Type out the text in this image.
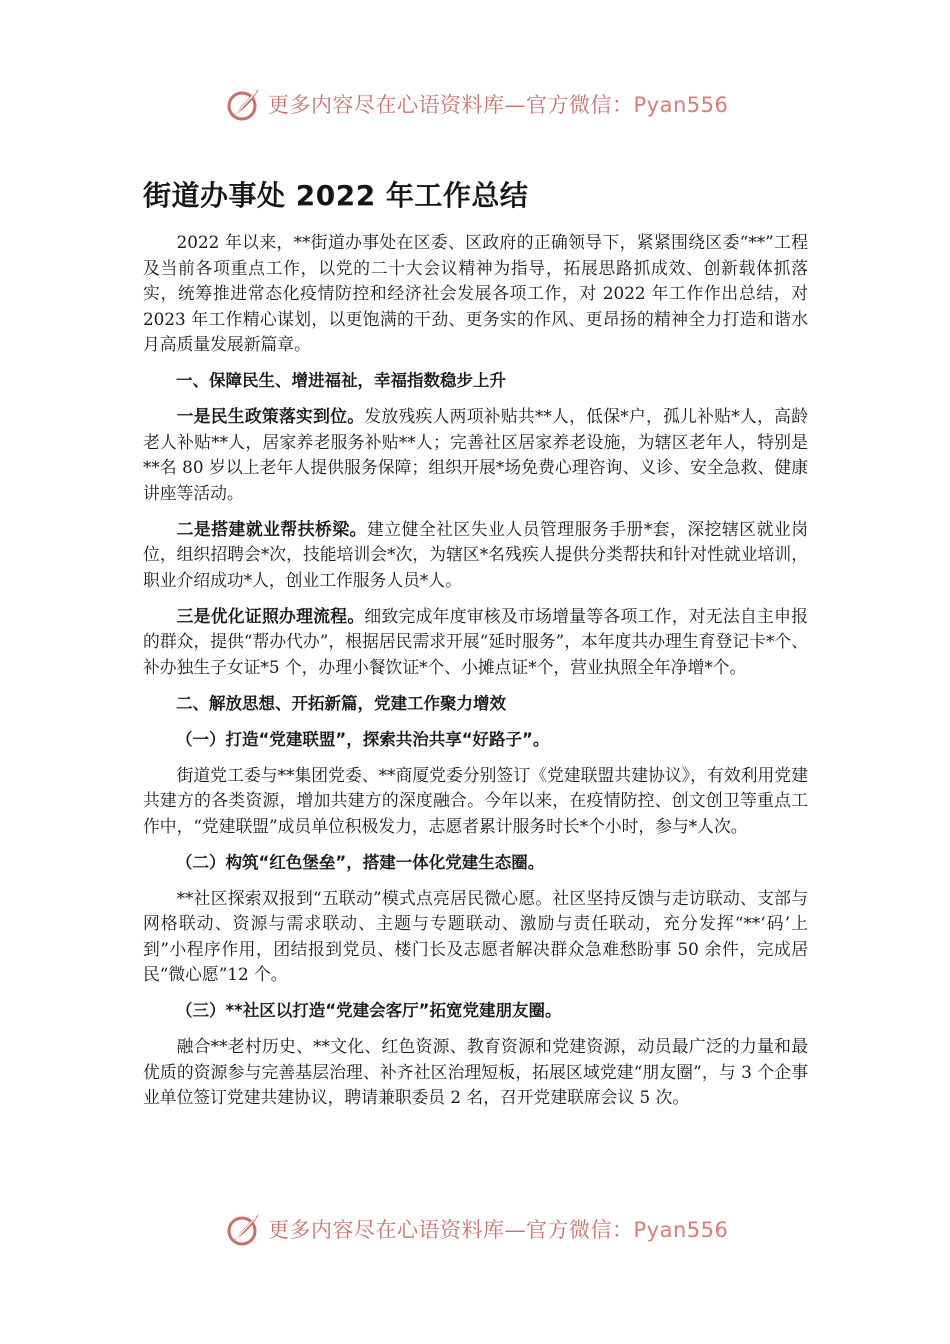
更多内容尽在心语资料库—官方微信：Pyan556
街道办事处 2022 年工作总结

2022 年以来，**街道办事处在区委、区政府的正确领导下，紧紧围绕区委“**”工程及当前各项重点工作，以党的二十大会议精神为指导，拓展思路抓成效、创新载体抓落实，统筹推进常态化疫情防控和经济社会发展各项工作，对 2022 年工作作出总结，对 2023 年工作精心谋划，以更饱满的干劲、更务实的作风、更昂扬的精神全力打造和谐水月高质量发展新篇章。

一、保障民生、增进福祉，幸福指数稳步上升

一是民生政策落实到位。发放残疾人两项补贴共**人，低保*户，孤儿补贴*人，高龄老人补贴**人，居家养老服务补贴**人；完善社区居家养老设施，为辖区老年人，特别是**名 80 岁以上老年人提供服务保障；组织开展*场免费心理咨询、义诊、安全急救、健康讲座等活动。

二是搭建就业帮扶桥梁。建立健全社区失业人员管理服务手册*套，深挖辖区就业岗位，组织招聘会*次，技能培训会*次，为辖区*名残疾人提供分类帮扶和针对性就业培训，职业介绍成功*人，创业工作服务人员*人。

三是优化证照办理流程。细致完成年度审核及市场增量等各项工作，对无法自主申报的群众，提供“帮办代办”，根据居民需求开展“延时服务”，本年度共办理生育登记卡*个、补办独生子女证*5 个，办理小餐饮证*个、小摊点证*个，营业执照全年净增*个。

二、解放思想、开拓新篇，党建工作聚力增效

（一）打造“党建联盟”，探索共治共享“好路子”。

街道党工委与**集团党委、**商厦党委分别签订《党建联盟共建协议》，有效利用党建共建方的各类资源，增加共建方的深度融合。今年以来，在疫情防控、创文创卫等重点工作中，“党建联盟”成员单位积极发力，志愿者累计服务时长*个小时，参与*人次。

（二）构筑“红色堡垒”，搭建一体化党建生态圈。

**社区探索双报到“五联动”模式点亮居民微心愿。社区坚持反馈与走访联动、支部与网格联动、资源与需求联动、主题与专题联动、激励与责任联动，充分发挥“**‘码’上到”小程序作用，团结报到党员、楼门长及志愿者解决群众急难愁盼事 50 余件，完成居民“微心愿”12 个。

（三）**社区以打造“党建会客厅”拓宽党建朋友圈。

融合**老村历史、**文化、红色资源、教育资源和党建资源，动员最广泛的力量和最优质的资源参与完善基层治理、补齐社区治理短板，拓展区域党建“朋友圈”，与 3 个企事业单位签订党建共建协议，聘请兼职委员 2 名，召开党建联席会议 5 次。

更多内容尽在心语资料库—官方微信：Pyan556
